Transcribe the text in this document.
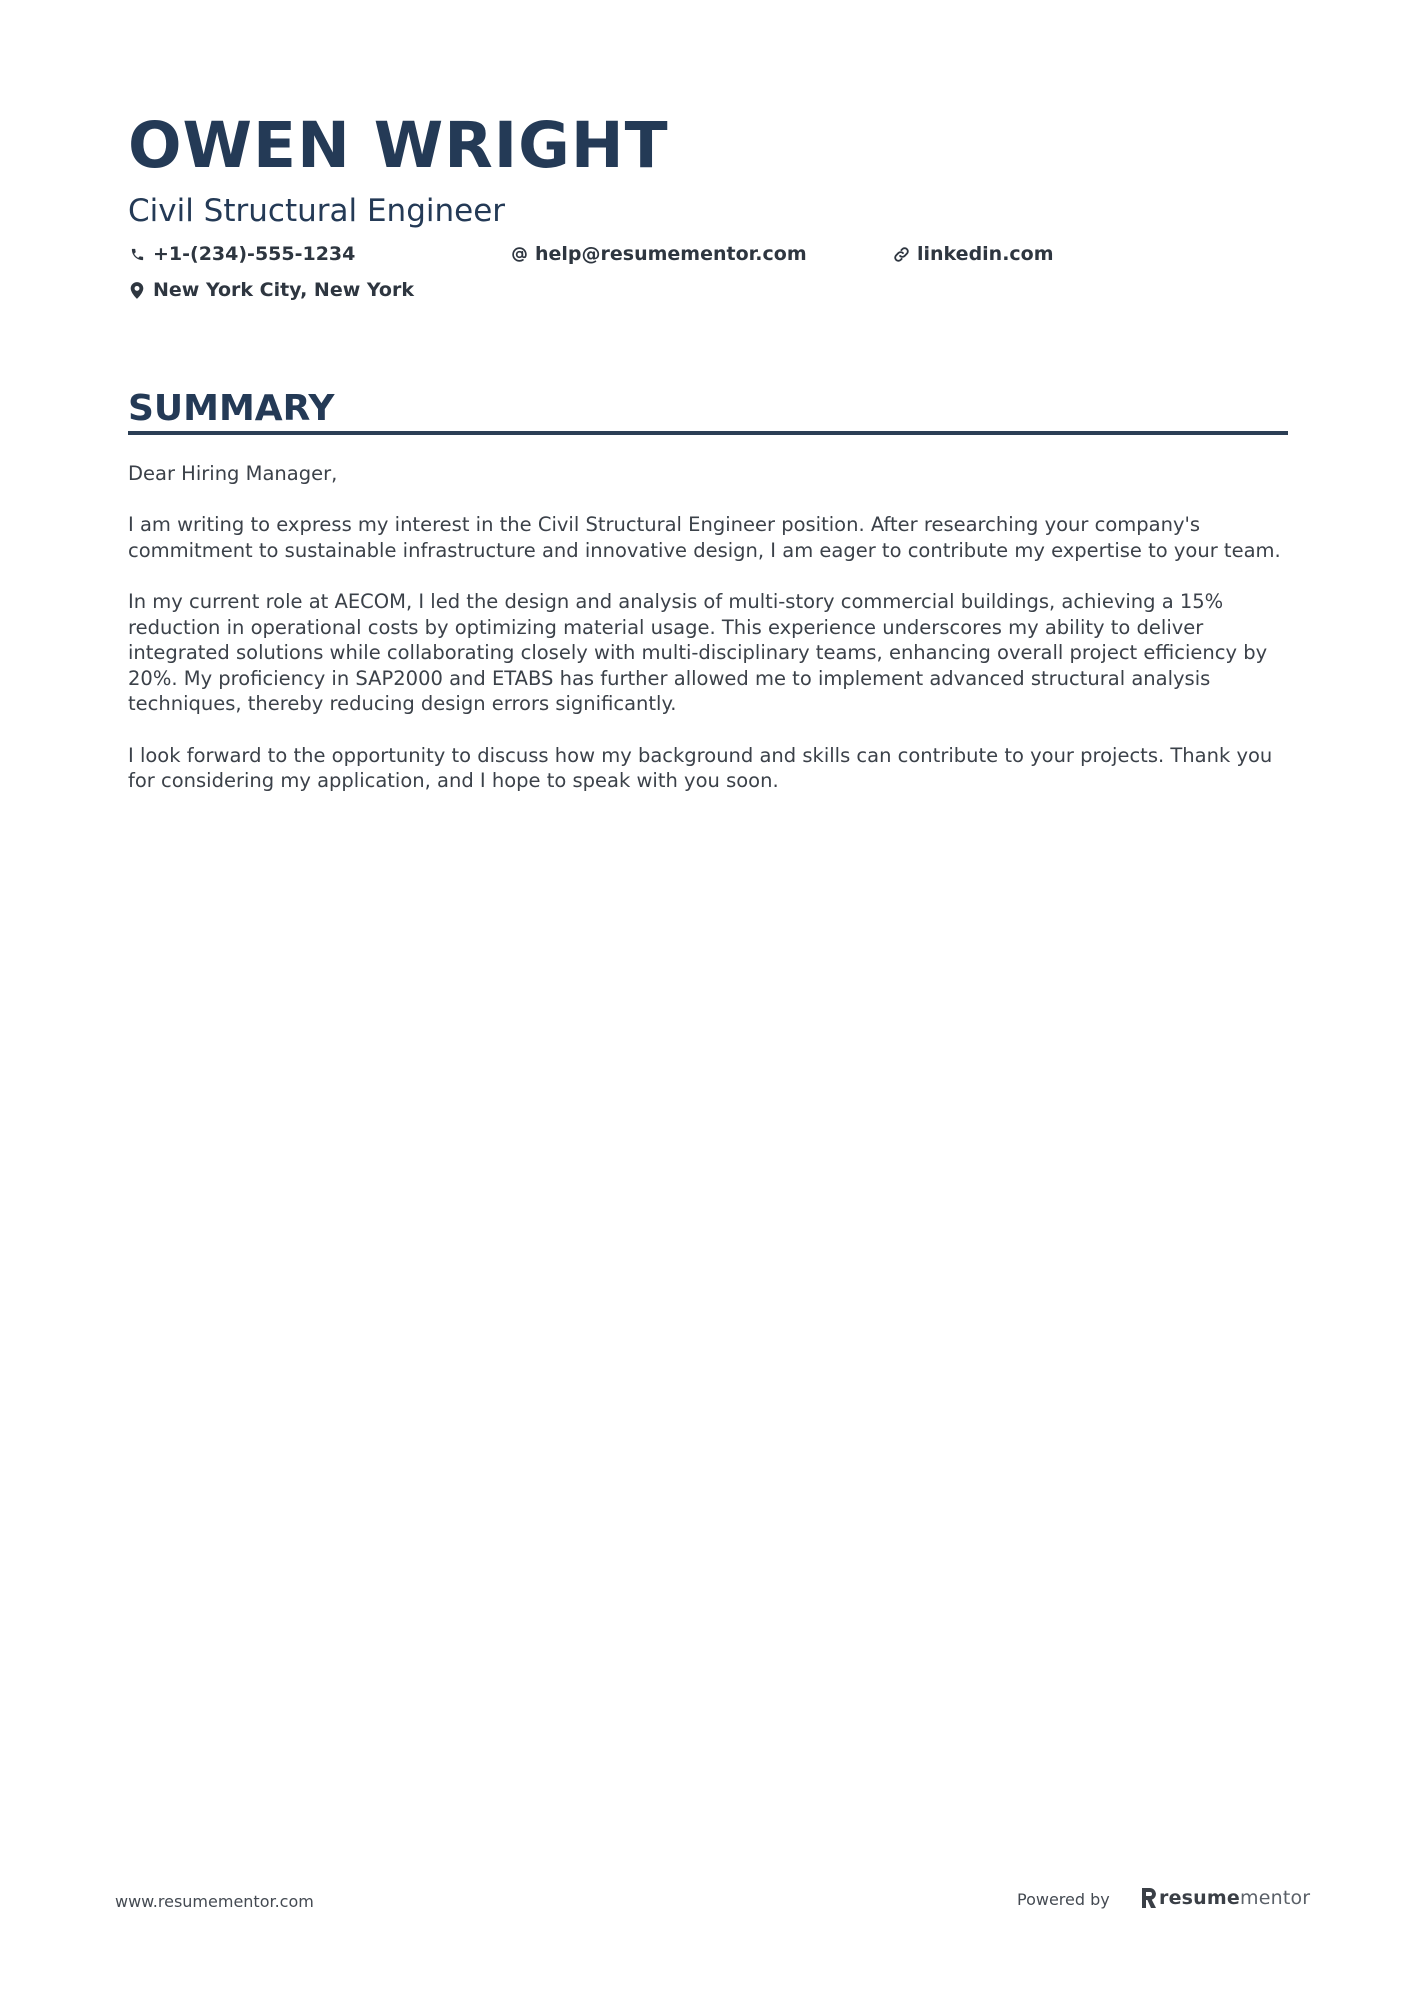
OWEN WRIGHT
Civil Structural Engineer
+1-(234)-555-1234	help@resumementor.com	linkedin.com
New York City, New York
SUMMARY

Dear Hiring Manager,

I am writing to express my interest in the Civil Structural Engineer position. After researching your company's commitment to sustainable infrastructure and innovative design, I am eager to contribute my expertise to your team.

In my current role at AECOM, I led the design and analysis of multi-story commercial buildings, achieving a 15% reduction in operational costs by optimizing material usage. This experience underscores my ability to deliver integrated solutions while collaborating closely with multi-disciplinary teams, enhancing overall project efficiency by 20%. My proficiency in SAP2000 and ETABS has further allowed me to implement advanced structural analysis techniques, thereby reducing design errors significantly.

I look forward to the opportunity to discuss how my background and skills can contribute to your projects. Thank you for considering my application, and I hope to speak with you soon.

www.resumementor.com	Powered by	resume mentor
